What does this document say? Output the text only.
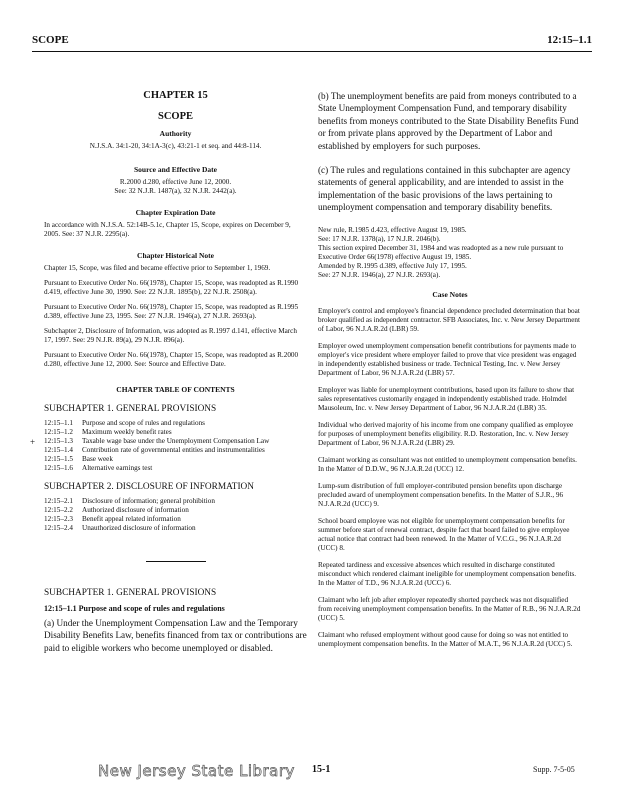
SCOPE	12:15–1.1
+

CHAPTER 15

SCOPE

Authority

N.J.S.A. 34:1-20, 34:1A-3(c), 43:21-1 et seq. and 44:8-114.

Source and Effective Date

R.2000 d.280, effective June 12, 2000.

See: 32 N.J.R. 1487(a), 32 N.J.R. 2442(a).

Chapter Expiration Date

In accordance with N.J.S.A. 52:14B-5.1c, Chapter 15, Scope, expires on December 9, 2005. See: 37 N.J.R. 2295(a).

Chapter Historical Note

Chapter 15, Scope, was filed and became effective prior to September 1, 1969.

Pursuant to Executive Order No. 66(1978), Chapter 15, Scope, was readopted as R.1990 d.419, effective June 30, 1990. See: 22 N.J.R. 1895(b), 22 N.J.R. 2508(a).

Pursuant to Executive Order No. 66(1978), Chapter 15, Scope, was readopted as R.1995 d.389, effective June 23, 1995. See: 27 N.J.R. 1946(a), 27 N.J.R. 2693(a).

Subchapter 2, Disclosure of Information, was adopted as R.1997 d.141, effective March 17, 1997. See: 29 N.J.R. 89(a), 29 N.J.R. 896(a).

Pursuant to Executive Order No. 66(1978), Chapter 15, Scope, was readopted as R.2000 d.280, effective June 12, 2000. See: Source and Effective Date.

CHAPTER TABLE OF CONTENTS

SUBCHAPTER 1. GENERAL PROVISIONS

12:15–1.1	Purpose and scope of rules and regulations
12:15–1.2	Maximum weekly benefit rates
12:15–1.3	Taxable wage base under the Unemployment Compensation Law
12:15–1.4	Contribution rate of governmental entities and instrumentalities
12:15–1.5	Base week
12:15–1.6	Alternative earnings test

SUBCHAPTER 2. DISCLOSURE OF INFORMATION

12:15–2.1	Disclosure of information; general prohibition
12:15–2.2	Authorized disclosure of information
12:15–2.3	Benefit appeal related information
12:15–2.4	Unauthorized disclosure of information

SUBCHAPTER 1. GENERAL PROVISIONS

12:15–1.1 Purpose and scope of rules and regulations

(a) Under the Unemployment Compensation Law and the Temporary Disability Benefits Law, benefits financed from tax or contributions are paid to eligible workers who become unemployed or disabled.

(b) The unemployment benefits are paid from moneys contributed to a State Unemployment Compensation Fund, and temporary disability benefits from moneys contributed to the State Disability Benefits Fund or from private plans approved by the Department of Labor and established by employers for such purposes.

(c) The rules and regulations contained in this subchapter are agency statements of general applicability, and are intended to assist in the implementation of the basic provisions of the laws pertaining to unemployment compensation and temporary disability benefits.

New rule, R.1985 d.423, effective August 19, 1985.
See: 17 N.J.R. 1378(a), 17 N.J.R. 2046(b).
This section expired December 31, 1984 and was readopted as a new rule pursuant to Executive Order 66(1978) effective August 19, 1985.
Amended by R.1995 d.389, effective July 17, 1995.
See: 27 N.J.R. 1946(a), 27 N.J.R. 2693(a).

Case Notes

Employer's control and employee's financial dependence precluded determination that boat broker qualified as independent contractor. SFB Associates, Inc. v. New Jersey Department of Labor, 96 N.J.A.R.2d (LBR) 59.

Employer owed unemployment compensation benefit contributions for payments made to employer's vice president where employer failed to prove that vice president was engaged in independently established business or trade. Technical Testing, Inc. v. New Jersey Department of Labor, 96 N.J.A.R.2d (LBR) 57.

Employer was liable for unemployment contributions, based upon its failure to show that sales representatives customarily engaged in independently established trade. Holmdel Mausoleum, Inc. v. New Jersey Department of Labor, 96 N.J.A.R.2d (LBR) 35.

Individual who derived majority of his income from one company qualified as employee for purposes of unemployment benefits eligibility. R.D. Restoration, Inc. v. New Jersey Department of Labor, 96 N.J.A.R.2d (LBR) 29.

Claimant working as consultant was not entitled to unemployment compensation benefits. In the Matter of D.D.W., 96 N.J.A.R.2d (UCC) 12.

Lump-sum distribution of full employer-contributed pension benefits upon discharge precluded award of unemployment compensation benefits. In the Matter of S.J.R., 96 N.J.A.R.2d (UCC) 9.

School board employee was not eligible for unemployment compensation benefits for summer before start of renewal contract, despite fact that board failed to give employee actual notice that contract had been renewed. In the Matter of V.C.G., 96 N.J.A.R.2d (UCC) 8.

Repeated tardiness and excessive absences which resulted in discharge constituted misconduct which rendered claimant ineligible for unemployment compensation benefits. In the Matter of T.D., 96 N.J.A.R.2d (UCC) 6.

Claimant who left job after employer repeatedly shorted paycheck was not disqualified from receiving unemployment compensation benefits. In the Matter of R.B., 96 N.J.A.R.2d (UCC) 5.

Claimant who refused employment without good cause for doing so was not entitled to unemployment compensation benefits. In the Matter of M.A.T., 96 N.J.A.R.2d (UCC) 5.

New Jersey State Library 15-1	Supp. 7-5-05
